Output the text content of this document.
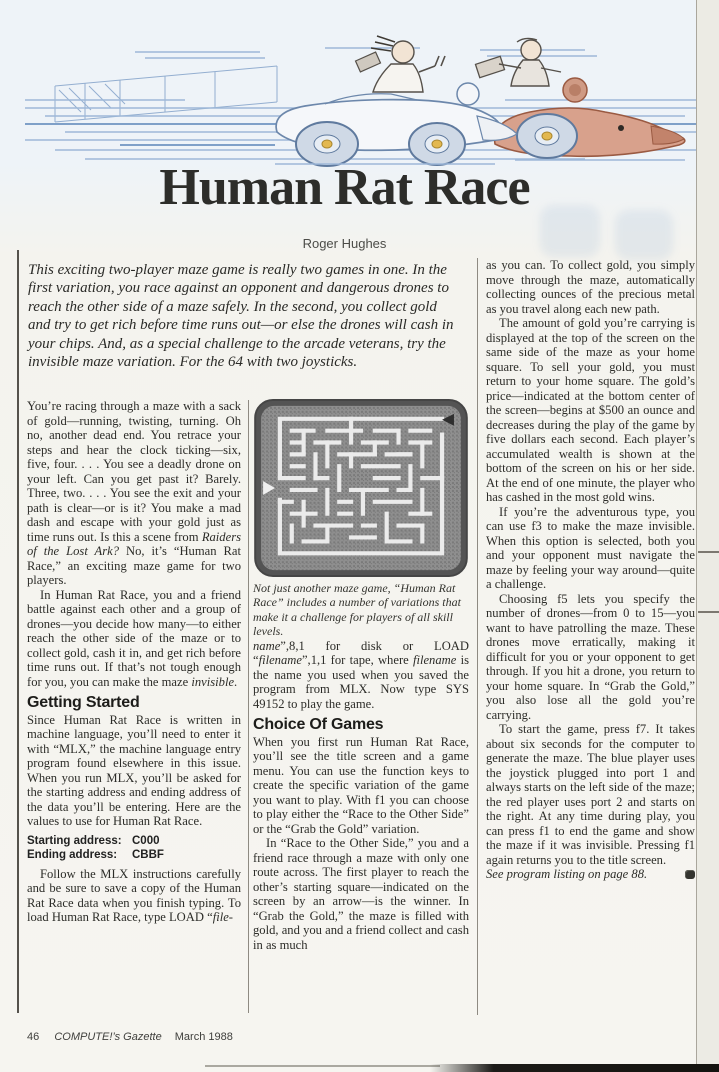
Human Rat Race
Roger Hughes
This exciting two-player maze game is really two games in one. In the first variation, you race against an opponent and dangerous drones to reach the other side of a maze safely. In the second, you collect gold and try to get rich before time runs out—or else the drones will cash in your chips. And, as a special challenge to the arcade veterans, try the invisible maze variation. For the 64 with two joysticks.

You’re racing through a maze with a sack of gold—running, twisting, turning. Oh no, another dead end. You retrace your steps and hear the clock ticking—six, five, four. . . . You see a deadly drone on your left. Can you get past it? Barely. Three, two. . . . You see the exit and your path is clear—or is it? You make a mad dash and escape with your gold just as time runs out. Is this a scene from Raiders of the Lost Ark? No, it’s “Human Rat Race,” an exciting maze game for two players.

In Human Rat Race, you and a friend battle against each other and a group of drones—you decide how many—to either reach the other side of the maze or to collect gold, cash it in, and get rich before time runs out. If that’s not tough enough for you, you can make the maze invisible.

Getting Started

Since Human Rat Race is written in machine language, you’ll need to enter it with “MLX,” the machine language entry program found elsewhere in this issue. When you run MLX, you’ll be asked for the starting address and ending address of the data you’ll be entering. Here are the values to use for Human Rat Race.

Starting address: C000
Ending address:	CBBF

Follow the MLX instructions carefully and be sure to save a copy of the Human Rat Race data when you finish typing. To load Human Rat Race, type LOAD “file-

Not just another maze game, “Human Rat Race” includes a number of variations that make it a challenge for players of all skill levels.

name”,8,1 for disk or LOAD “filename”,1,1 for tape, where filename is the name you used when you saved the program from MLX. Now type SYS 49152 to play the game.

Choice Of Games

When you first run Human Rat Race, you’ll see the title screen and a game menu. You can use the function keys to create the specific variation of the game you want to play. With f1 you can choose to play either the “Race to the Other Side” or the “Grab the Gold” variation.

In “Race to the Other Side,” you and a friend race through a maze with only one route across. The first player to reach the other’s starting square—indicated on the screen by an arrow—is the winner. In “Grab the Gold,” the maze is filled with gold, and you and a friend collect and cash in as much

as you can. To collect gold, you simply move through the maze, automatically collecting ounces of the precious metal as you travel along each new path.

The amount of gold you’re carrying is displayed at the top of the screen on the same side of the maze as your home square. To sell your gold, you must return to your home square. The gold’s price—indicated at the bottom center of the screen—begins at $500 an ounce and decreases during the play of the game by five dollars each second. Each player’s accumulated wealth is shown at the bottom of the screen on his or her side. At the end of one minute, the player who has cashed in the most gold wins.

If you’re the adventurous type, you can use f3 to make the maze invisible. When this option is selected, both you and your opponent must navigate the maze by feeling your way around—quite a challenge.

Choosing f5 lets you specify the number of drones—from 0 to 15—you want to have patrolling the maze. These drones move erratically, making it difficult for you or your opponent to get through. If you hit a drone, you return to your home square. In “Grab the Gold,” you also lose all the gold you’re carrying.

To start the game, press f7. It takes about six seconds for the computer to generate the maze. The blue player uses the joystick plugged into port 1 and always starts on the left side of the maze; the red player uses port 2 and starts on the right. At any time during play, you can press f1 to end the game and show the maze if it was invisible. Pressing f1 again returns you to the title screen.

See program listing on page 88.

46 COMPUTE!’s Gazette March 1988
